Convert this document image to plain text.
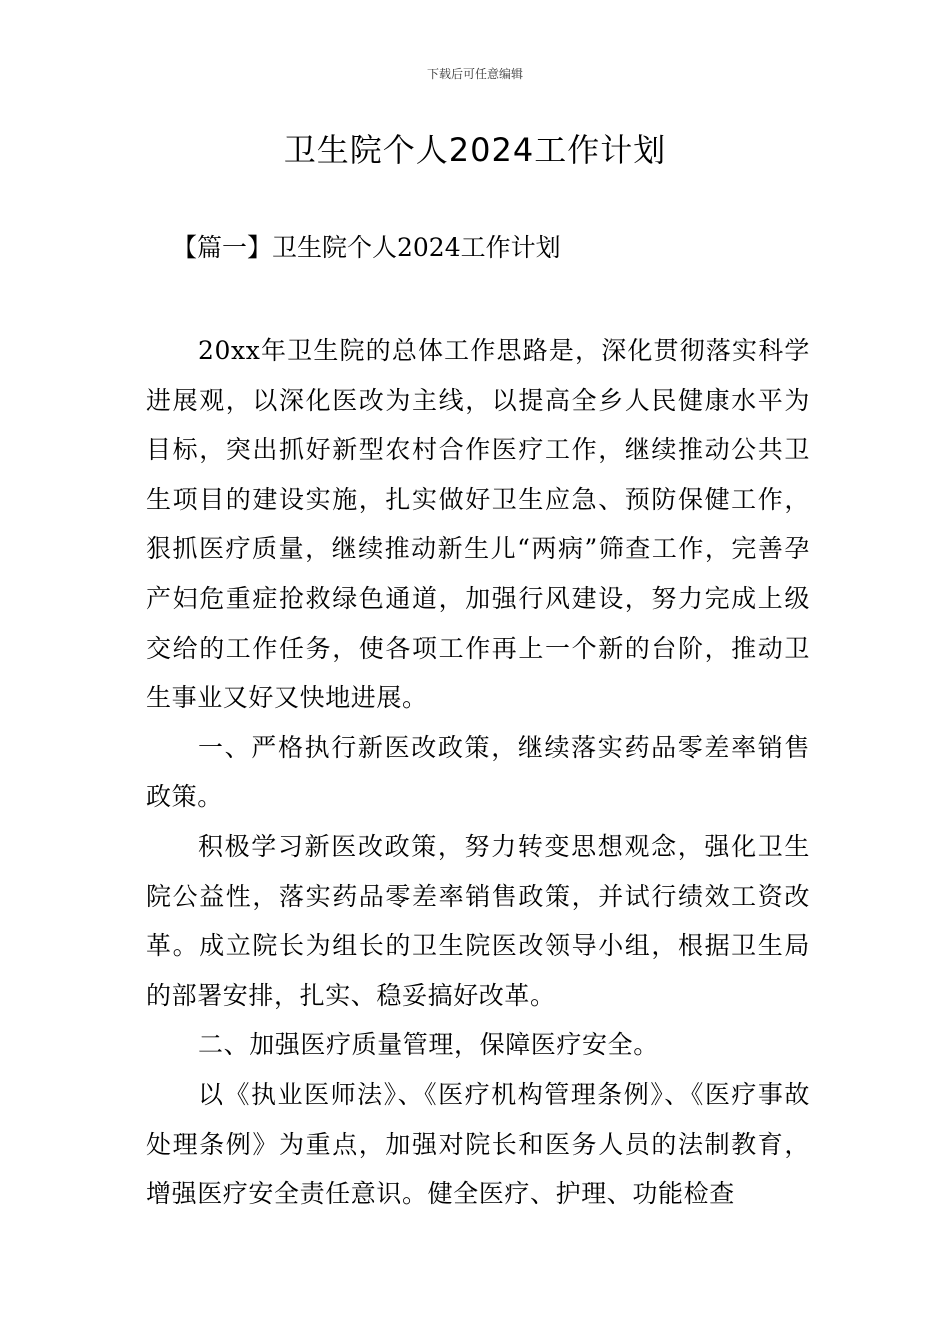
下载后可任意编辑
卫生院个人2024工作计划
【篇一】卫生院个人2024工作计划

20xx年卫生院的总体工作思路是，深化贯彻落实科学进展观，以深化医改为主线，以提高全乡人民健康水平为目标，突出抓好新型农村合作医疗工作，继续推动公共卫生项目的建设实施，扎实做好卫生应急、预防保健工作，狠抓医疗质量，继续推动新生儿“两病”筛查工作，完善孕产妇危重症抢救绿色通道，加强行风建设，努力完成上级交给的工作任务，使各项工作再上一个新的台阶，推动卫生事业又好又快地进展。

一、严格执行新医改政策，继续落实药品零差率销售政策。

积极学习新医改政策，努力转变思想观念，强化卫生院公益性，落实药品零差率销售政策，并试行绩效工资改革。成立院长为组长的卫生院医改领导小组，根据卫生局的部署安排，扎实、稳妥搞好改革。

二、加强医疗质量管理，保障医疗安全。

以《执业医师法》、《医疗机构管理条例》、《医疗事故处理条例》为重点，加强对院长和医务人员的法制教育，增强医疗安全责任意识。健全医疗、护理、功能检查
